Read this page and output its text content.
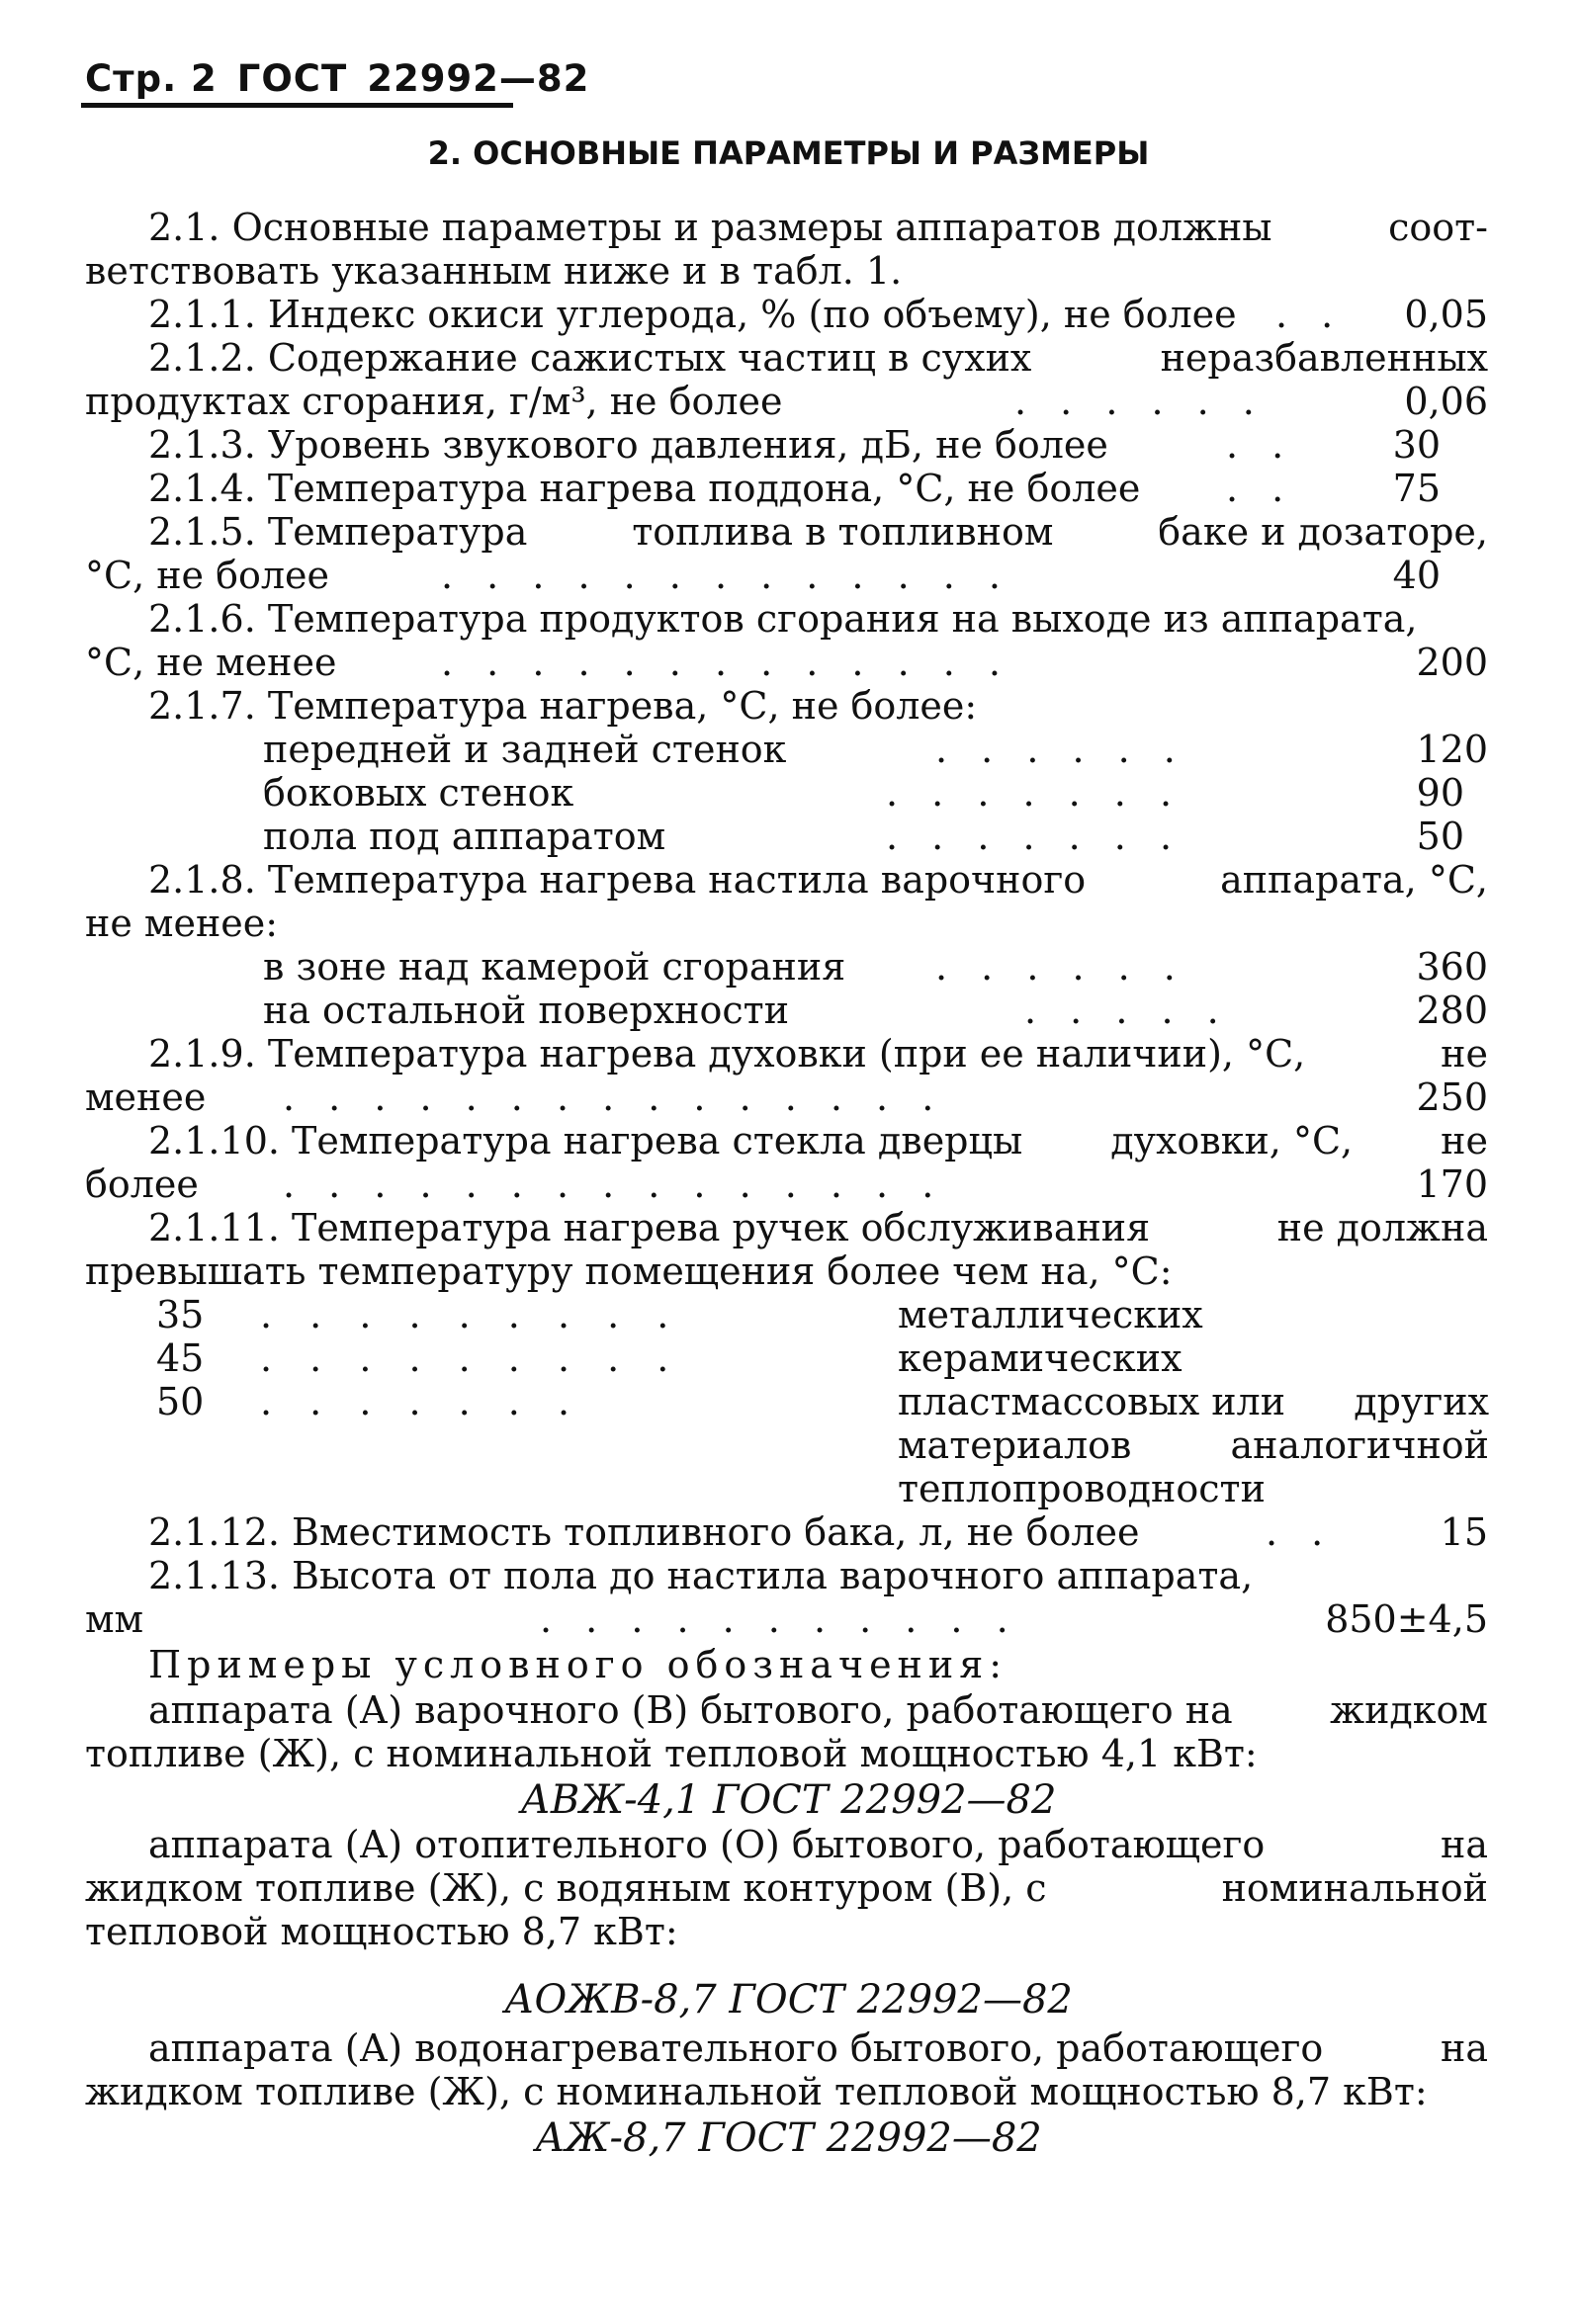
Стр. 2 ГОСТ 22992—82
2. ОСНОВНЫЕ ПАРАМЕТРЫ И РАЗМЕРЫ
2.1. Основные параметры и размеры аппаратов должны	соот-
ветствовать указанным ниже и в табл. 1.
2.1.1. Индекс окиси углерода, % (по объему), не более . . 0,05
2.1.2. Содержание сажистых частиц в сухих	неразбавленных
продуктах сгорания, г/м³, не более	. . . . . .	0,06
2.1.3. Уровень звукового давления, дБ, не более	. .	30
2.1.4. Температура нагрева поддона, °С, не более . .	75
2.1.5. Температура	топлива в топливном	баке и дозаторе,
°С, не более	. . . . . . . . . . . . .	40
2.1.6. Температура продуктов сгорания на выходе из аппарата,
°С, не менее	. . . . . . . . . . . . .	200
2.1.7. Температура нагрева, °С, не более:
передней и задней стенок	. . . . . .	120
боковых стенок	. . . . . . .	90
пола под аппаратом	. . . . . . .	50
2.1.8. Температура нагрева настила варочного	аппарата, °С,
не менее:
в зоне над камерой сгорания . . . . . .	360
на остальной поверхности	. . . . .	280
2.1.9. Температура нагрева духовки (при ее наличии), °С,	не
менее . . . . . . . . . . . . . . .	250
2.1.10. Температура нагрева стекла дверцы духовки, °С, не
более . . . . . . . . . . . . . . .	170
2.1.11. Температура нагрева ручек обслуживания	не должна
превышать температуру помещения более чем на, °С:
35 . . . . . . . . .	металлических
45 . . . . . . . . .	керамических
50 . . . . . . .	пластмассовых или других
материалов	аналогичной
теплопроводности
2.1.12. Вместимость топливного бака, л, не более	. .	15
2.1.13. Высота от пола до настила варочного аппарата,
мм	. . . . . . . . . . .	850±4,5
Примеры условного обозначения:
аппарата (А) варочного (В) бытового, работающего на	жидком
топливе (Ж), с номинальной тепловой мощностью 4,1 кВт:
АВЖ-4,1 ГОСТ 22992—82
аппарата (А) отопительного (О) бытового, работающего	на
жидком топливе (Ж), с водяным контуром (В), с	номинальной
тепловой мощностью 8,7 кВт:
АОЖВ-8,7 ГОСТ 22992—82
аппарата (А) водонагревательного бытового, работающего	на
жидком топливе (Ж), с номинальной тепловой мощностью 8,7 кВт:
АЖ-8,7 ГОСТ 22992—82
